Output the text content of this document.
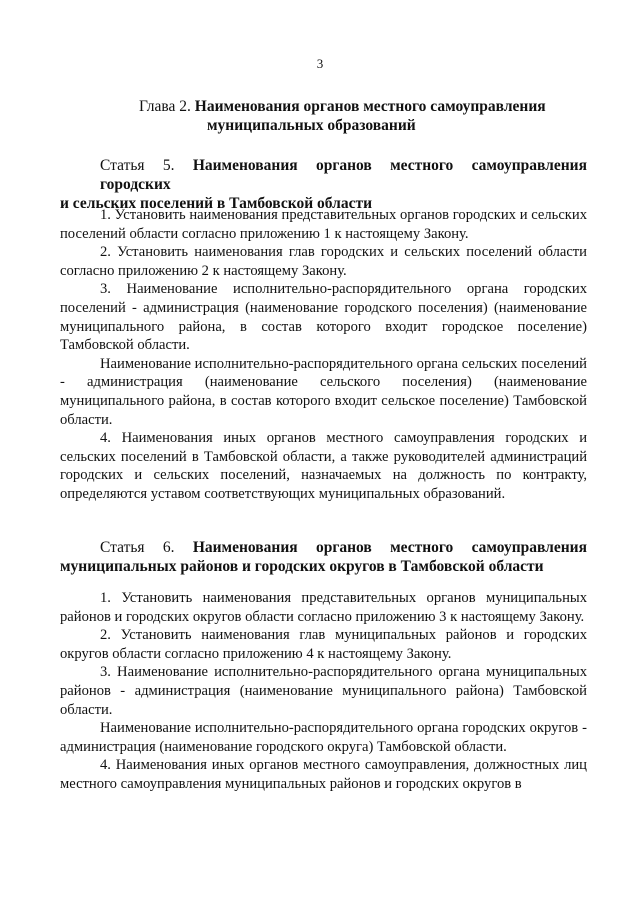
3
Глава 2. Наименования органов местного самоуправления
муниципальных образований
Статья 5. Наименования органов местного самоуправления городских
и сельских поселений в Тамбовской области

1. Установить наименования представительных органов городских и сельских поселений области согласно приложению 1 к настоящему Закону.

2. Установить наименования глав городских и сельских поселений области согласно приложению 2 к настоящему Закону.

3. Наименование исполнительно-распорядительного органа городских поселений - администрация (наименование городского поселения) (наименование муниципального района, в состав которого входит городское поселение) Тамбовской области.

Наименование исполнительно-распорядительного органа сельских поселений - администрация (наименование сельского поселения) (наименование муниципального района, в состав которого входит сельское поселение) Тамбовской области.

4. Наименования иных органов местного самоуправления городских и сельских поселений в Тамбовской области, а также руководителей администраций городских и сельских поселений, назначаемых на должность по контракту, определяются уставом соответствующих муниципальных образований.

Статья 6. Наименования органов местного самоуправления
муниципальных районов и городских округов в Тамбовской области

1. Установить наименования представительных органов муниципальных районов и городских округов области согласно приложению 3 к настоящему Закону.

2. Установить наименования глав муниципальных районов и городских округов области согласно приложению 4 к настоящему Закону.

3. Наименование исполнительно-распорядительного органа муниципальных районов - администрация (наименование муниципального района) Тамбовской области.

Наименование исполнительно-распорядительного органа городских округов - администрация (наименование городского округа) Тамбовской области.

4. Наименования иных органов местного самоуправления, должностных лиц местного самоуправления муниципальных районов и городских округов в
